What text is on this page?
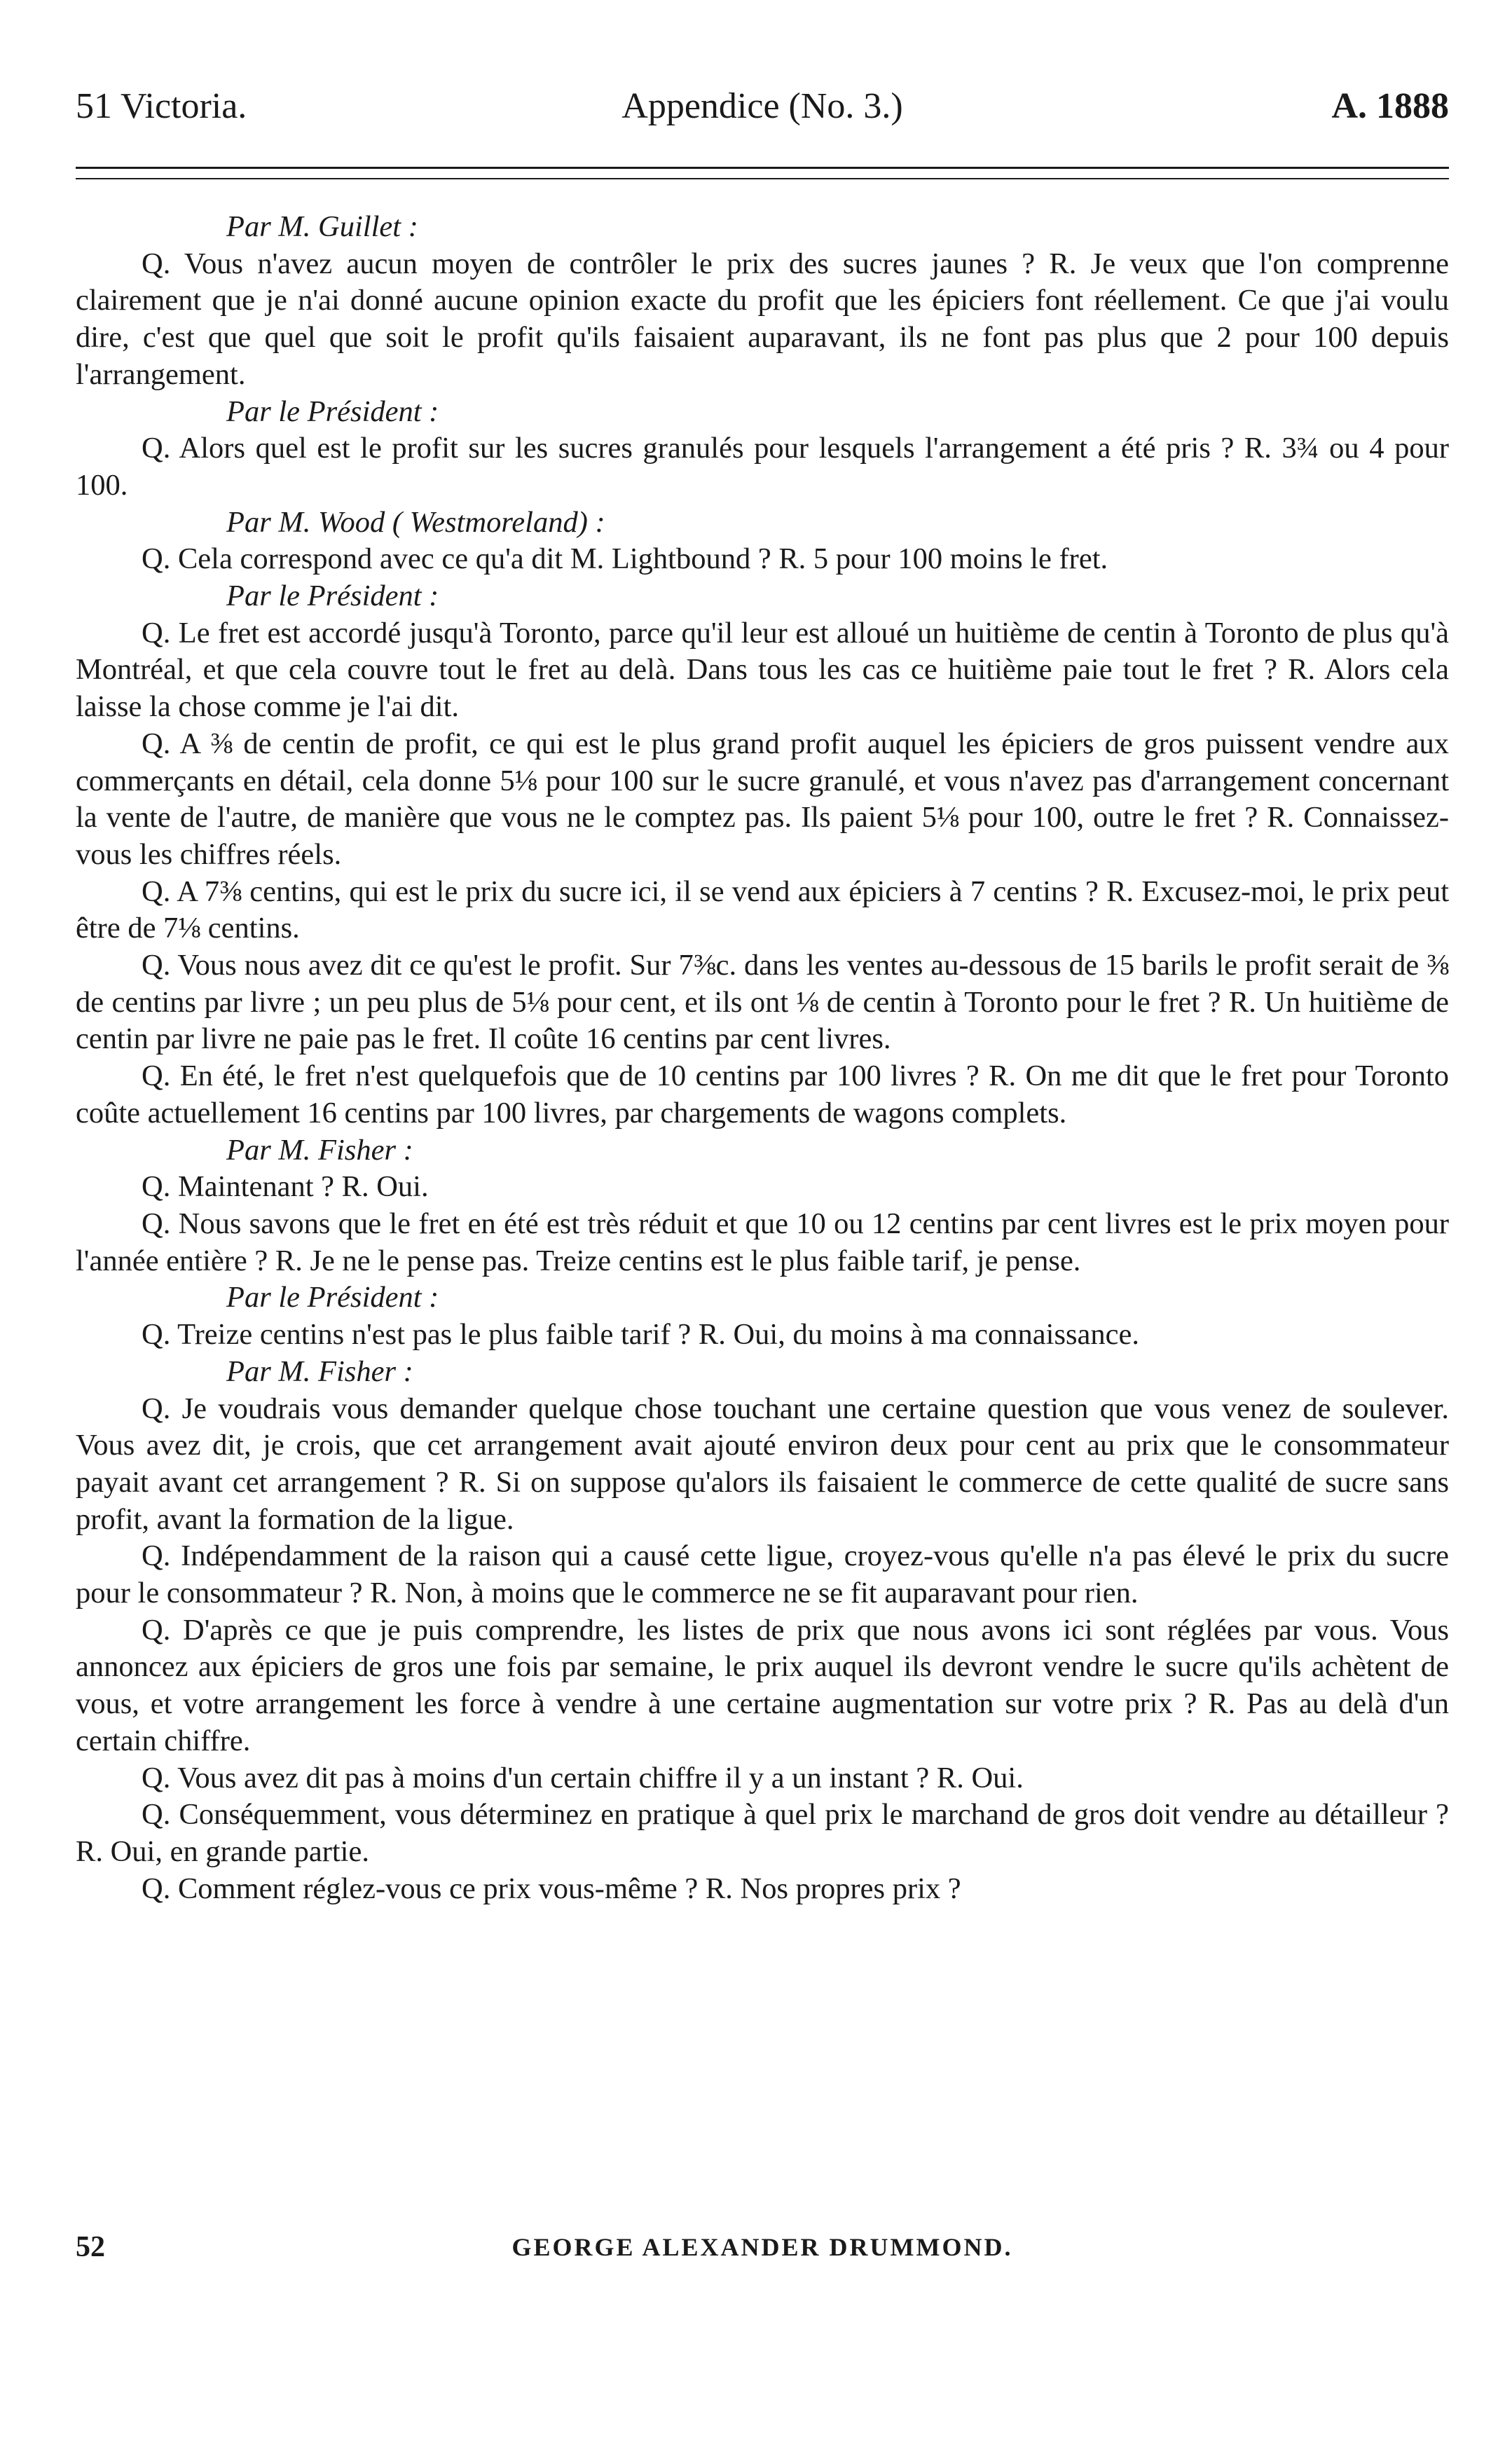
51 Victoria.	Appendice (No. 3.)	A. 1888

Par M. Guillet :

Q. Vous n'avez aucun moyen de contrôler le prix des sucres jaunes ? R. Je veux que l'on comprenne clairement que je n'ai donné aucune opinion exacte du profit que les épiciers font réellement. Ce que j'ai voulu dire, c'est que quel que soit le profit qu'ils faisaient auparavant, ils ne font pas plus que 2 pour 100 depuis l'arrangement.

Par le Président :

Q. Alors quel est le profit sur les sucres granulés pour lesquels l'arrangement a été pris ? R. 3¾ ou 4 pour 100.

Par M. Wood ( Westmoreland) :

Q. Cela correspond avec ce qu'a dit M. Lightbound ? R. 5 pour 100 moins le fret.

Par le Président :

Q. Le fret est accordé jusqu'à Toronto, parce qu'il leur est alloué un huitième de centin à Toronto de plus qu'à Montréal, et que cela couvre tout le fret au delà. Dans tous les cas ce huitième paie tout le fret ? R. Alors cela laisse la chose comme je l'ai dit.

Q. A ⅜ de centin de profit, ce qui est le plus grand profit auquel les épiciers de gros puissent vendre aux commerçants en détail, cela donne 5⅛ pour 100 sur le sucre granulé, et vous n'avez pas d'arrangement concernant la vente de l'autre, de manière que vous ne le comptez pas. Ils paient 5⅛ pour 100, outre le fret ? R. Connaissez-vous les chiffres réels.

Q. A 7⅜ centins, qui est le prix du sucre ici, il se vend aux épiciers à 7 centins ? R. Excusez-moi, le prix peut être de 7⅛ centins.

Q. Vous nous avez dit ce qu'est le profit. Sur 7⅜c. dans les ventes au-dessous de 15 barils le profit serait de ⅜ de centins par livre ; un peu plus de 5⅛ pour cent, et ils ont ⅛ de centin à Toronto pour le fret ? R. Un huitième de centin par livre ne paie pas le fret. Il coûte 16 centins par cent livres.

Q. En été, le fret n'est quelquefois que de 10 centins par 100 livres ? R. On me dit que le fret pour Toronto coûte actuellement 16 centins par 100 livres, par chargements de wagons complets.

Par M. Fisher :

Q. Maintenant ? R. Oui.

Q. Nous savons que le fret en été est très réduit et que 10 ou 12 centins par cent livres est le prix moyen pour l'année entière ? R. Je ne le pense pas. Treize centins est le plus faible tarif, je pense.

Par le Président :

Q. Treize centins n'est pas le plus faible tarif ? R. Oui, du moins à ma connaissance.

Par M. Fisher :

Q. Je voudrais vous demander quelque chose touchant une certaine question que vous venez de soulever. Vous avez dit, je crois, que cet arrangement avait ajouté environ deux pour cent au prix que le consommateur payait avant cet arrangement ? R. Si on suppose qu'alors ils faisaient le commerce de cette qualité de sucre sans profit, avant la formation de la ligue.

Q. Indépendamment de la raison qui a causé cette ligue, croyez-vous qu'elle n'a pas élevé le prix du sucre pour le consommateur ? R. Non, à moins que le commerce ne se fit auparavant pour rien.

Q. D'après ce que je puis comprendre, les listes de prix que nous avons ici sont réglées par vous. Vous annoncez aux épiciers de gros une fois par semaine, le prix auquel ils devront vendre le sucre qu'ils achètent de vous, et votre arrangement les force à vendre à une certaine augmentation sur votre prix ? R. Pas au delà d'un certain chiffre.

Q. Vous avez dit pas à moins d'un certain chiffre il y a un instant ? R. Oui.

Q. Conséquemment, vous déterminez en pratique à quel prix le marchand de gros doit vendre au détailleur ? R. Oui, en grande partie.

Q. Comment réglez-vous ce prix vous-même ? R. Nos propres prix ?

52	GEORGE ALEXANDER DRUMMOND.
